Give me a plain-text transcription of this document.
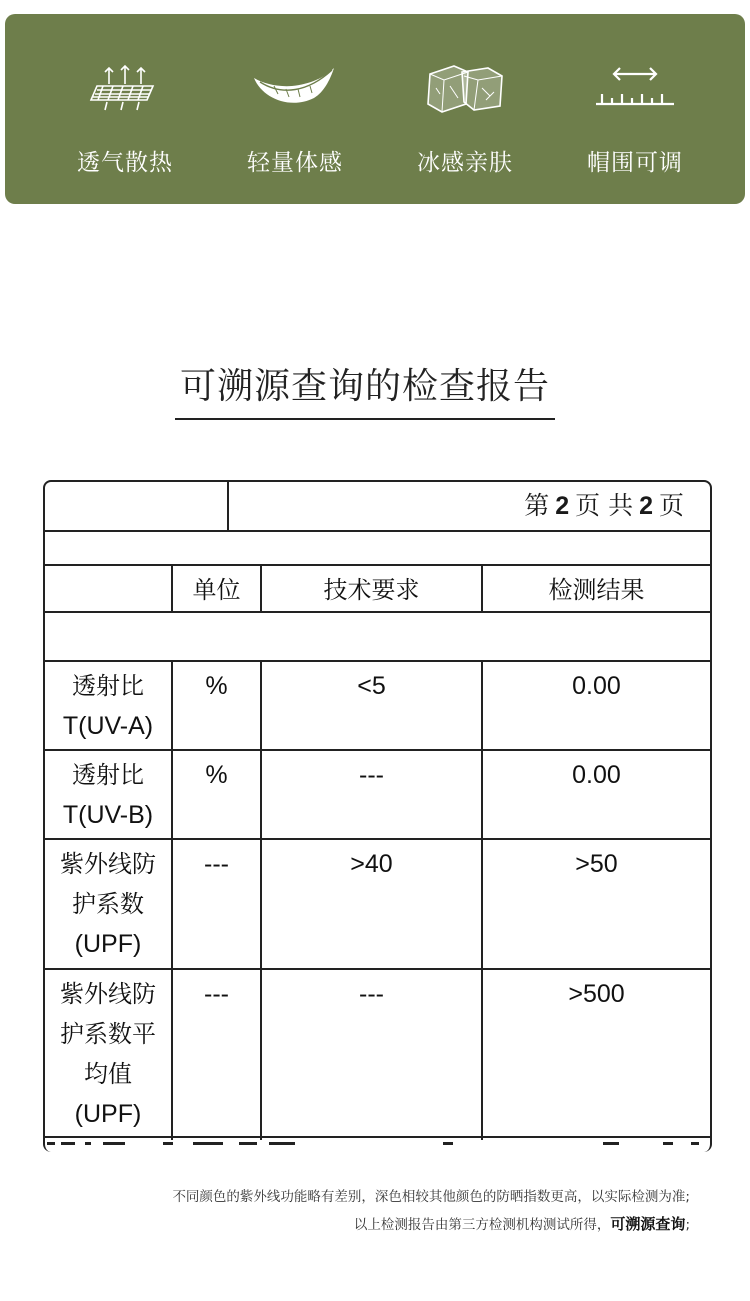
透气散热	轻量体感	冰感亲肤	帽围可调
可溯源查询的检查报告
第 2 页 共 2 页
单位	技术要求	检测结果
透射比
T(UV-A)
%	<5	0.00
透射比
T(UV-B)
%	---	0.00
紫外线防
护系数
(UPF)
---	>40	>50
紫外线防
护系数平
均值
(UPF)
---	---	>500
不同颜色的紫外线功能略有差别，深色相较其他颜色的防晒指数更高，以实际检测为准;
以上检测报告由第三方检测机构测试所得，可溯源查询;
